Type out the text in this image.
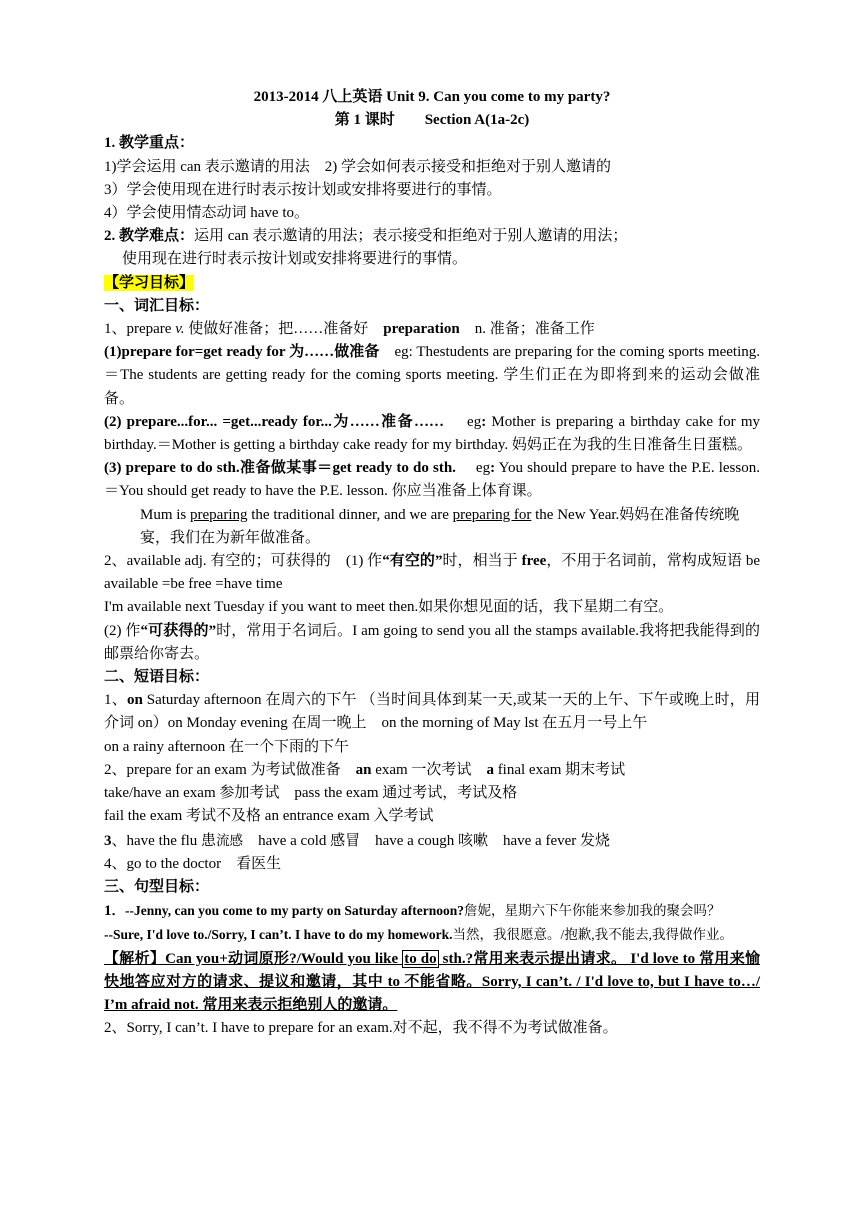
2013-2014 八上英语 Unit 9. Can you come to my party?

第 1 课时　　Section A(1a-2c)

1. 教学重点：

1)学会运用 can 表示邀请的用法　2) 学会如何表示接受和拒绝对于别人邀请的

3）学会使用现在进行时表示按计划或安排将要进行的事情。

4）学会使用情态动词 have to。

2. 教学难点：运用 can 表示邀请的用法；表示接受和拒绝对于别人邀请的用法；

使用现在进行时表示按计划或安排将要进行的事情。

【学习目标】

一、词汇目标：

1、prepare v. 使做好准备；把……准备好　preparation　n. 准备；准备工作

(1)prepare for=get ready for 为……做准备　eg: Thestudents are preparing for the coming sports meeting.＝The students are getting ready for the coming sports meeting. 学生们正在为即将到来的运动会做准备。

(2) prepare...for... =get...ready for...为……准备……　 eg: Mother is preparing a birthday cake for my birthday.＝Mother is getting a birthday cake ready for my birthday. 妈妈正在为我的生日准备生日蛋糕。

(3) prepare to do sth.准备做某事＝get ready to do sth.　 eg: You should prepare to have the P.E. lesson.＝You should get ready to have the P.E. lesson. 你应当准备上体育课。

Mum is preparing the traditional dinner, and we are preparing for the New Year.妈妈在准备传统晚宴，我们在为新年做准备。

2、available adj. 有空的；可获得的　(1) 作“有空的”时，相当于 free，不用于名词前，常构成短语 be available =be free =have time

I'm available next Tuesday if you want to meet then.如果你想见面的话，我下星期二有空。

(2) 作“可获得的”时，常用于名词后。I am going to send you all the stamps available.我将把我能得到的邮票给你寄去。

二、短语目标：

1、on Saturday afternoon 在周六的下午 （当时间具体到某一天,或某一天的上午、下午或晚上时，用介词 on）on Monday evening 在周一晚上　on the morning of May lst 在五月一号上午

on a rainy afternoon 在一个下雨的下午

2、prepare for an exam 为考试做准备　an exam 一次考试　a final exam 期末考试

take/have an exam 参加考试　pass the exam 通过考试，考试及格

fail the exam 考试不及格 an entrance exam 入学考试

3、have the flu 患流感　have a cold 感冒　have a cough 咳嗽　have a fever 发烧

4、go to the doctor　看医生

三、句型目标：

1．--Jenny, can you come to my party on Saturday afternoon?詹妮，星期六下午你能来参加我的聚会吗？

--Sure, I'd love to./Sorry, I can’t. I have to do my homework.当然，我很愿意。/抱歉,我不能去,我得做作业。

【解析】Can you+动词原形?/Would you like to do sth.?常用来表示提出请求。 I'd love to 常用来愉快地答应对方的请求、提议和邀请，其中 to 不能省略。Sorry, I can’t. / I'd love to, but I have to…/ I’m afraid not. 常用来表示拒绝别人的邀请。

2、Sorry, I can’t. I have to prepare for an exam.对不起，我不得不为考试做准备。
